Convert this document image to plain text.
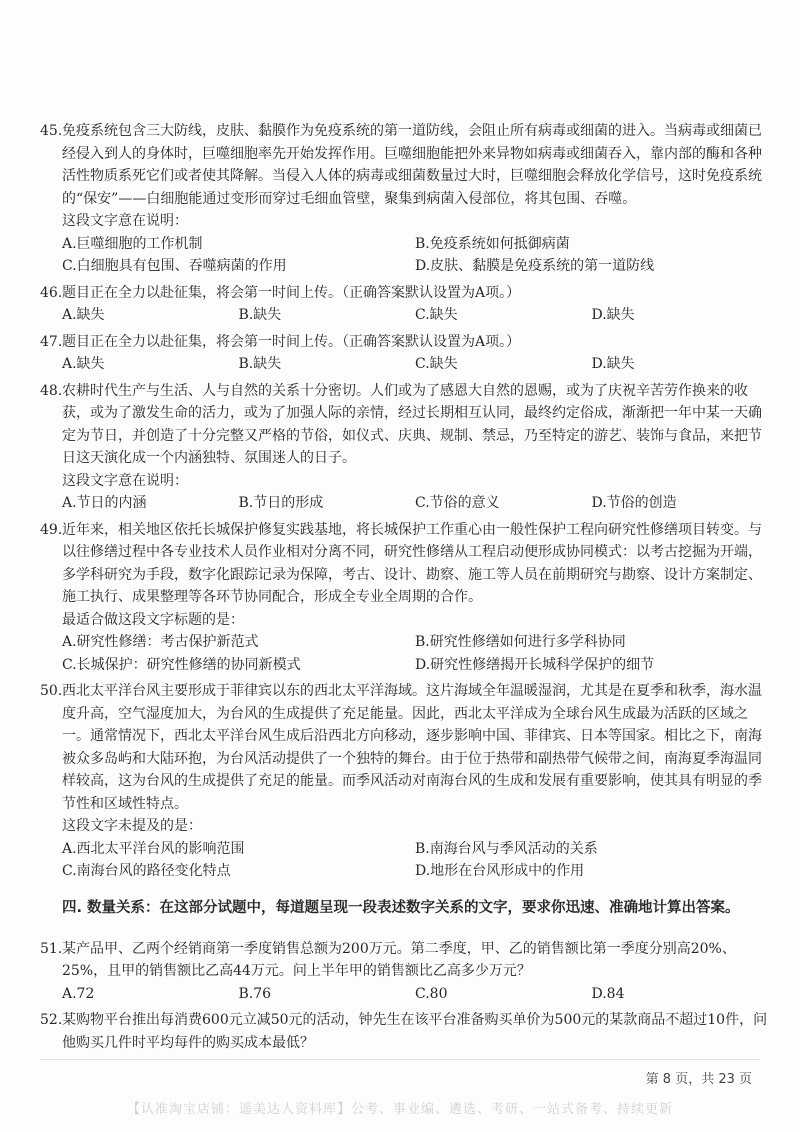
45. 免疫系统包含三大防线，皮肤、黏膜作为免疫系统的第一道防线，会阻止所有病毒或细菌的进入。当病毒或细菌已经侵入到人的身体时，巨噬细胞率先开始发挥作用。巨噬细胞能把外来异物如病毒或细菌吞入，靠内部的酶和各种活性物质系死它们或者使其降解。当侵入人体的病毒或细菌数量过大时，巨噬细胞会释放化学信号，这时免疫系统的“保安”——白细胞能通过变形而穿过毛细血管壁，聚集到病菌入侵部位，将其包围、吞噬。
这段文字意在说明：
A.巨噬细胞的工作机制	B.免疫系统如何抵御病菌
C.白细胞具有包围、吞噬病菌的作用	D.皮肤、黏膜是免疫系统的第一道防线
46. 题目正在全力以赴征集，将会第一时间上传。（正确答案默认设置为A项。）
A.缺失	B.缺失	C.缺失	D.缺失
47. 题目正在全力以赴征集，将会第一时间上传。（正确答案默认设置为A项。）
A.缺失	B.缺失	C.缺失	D.缺失
48. 农耕时代生产与生活、人与自然的关系十分密切。人们或为了感恩大自然的恩赐，或为了庆祝辛苦劳作换来的收获，或为了激发生命的活力，或为了加强人际的亲情，经过长期相互认同，最终约定俗成，渐渐把一年中某一天确定为节日，并创造了十分完整又严格的节俗，如仪式、庆典、规制、禁忌，乃至特定的游艺、装饰与食品，来把节日这天演化成一个内涵独特、氛围迷人的日子。
这段文字意在说明：
A.节日的内涵	B.节日的形成	C.节俗的意义	D.节俗的创造
49. 近年来，相关地区依托长城保护修复实践基地，将长城保护工作重心由一般性保护工程向研究性修缮项目转变。与以往修缮过程中各专业技术人员作业相对分离不同，研究性修缮从工程启动便形成协同模式：以考古挖掘为开端，多学科研究为手段，数字化跟踪记录为保障，考古、设计、勘察、施工等人员在前期研究与勘察、设计方案制定、施工执行、成果整理等各环节协同配合，形成全专业全周期的合作。
最适合做这段文字标题的是：
A.研究性修缮：考古保护新范式	B.研究性修缮如何进行多学科协同
C.长城保护：研究性修缮的协同新模式	D.研究性修缮揭开长城科学保护的细节
50. 西北太平洋台风主要形成于菲律宾以东的西北太平洋海域。这片海域全年温暖湿润，尤其是在夏季和秋季，海水温度升高，空气湿度加大，为台风的生成提供了充足能量。因此，西北太平洋成为全球台风生成最为活跃的区域之一。通常情况下，西北太平洋台风生成后沿西北方向移动，逐步影响中国、菲律宾、日本等国家。相比之下，南海被众多岛屿和大陆环抱，为台风活动提供了一个独特的舞台。由于位于热带和副热带气候带之间，南海夏季海温同样较高，这为台风的生成提供了充足的能量。而季风活动对南海台风的生成和发展有重要影响，使其具有明显的季节性和区域性特点。
这段文字未提及的是：
A.西北太平洋台风的影响范围	B.南海台风与季风活动的关系
C.南海台风的路径变化特点	D.地形在台风形成中的作用
四. 数量关系：在这部分试题中，每道题呈现一段表述数字关系的文字，要求你迅速、准确地计算出答案。
51. 某产品甲、乙两个经销商第一季度销售总额为200万元。第二季度，甲、乙的销售额比第一季度分别高20%、25%，且甲的销售额比乙高44万元。问上半年甲的销售额比乙高多少万元？
A.72	B.76	C.80	D.84
52. 某购物平台推出每消费600元立减50元的活动，钟先生在该平台准备购买单价为500元的某款商品不超过10件，问他购买几件时平均每件的购买成本最低？
第 8 页，共 23 页
【认准淘宝店铺：遥美达人资料库】公考、事业编、遴选、考研、一站式备考、持续更新
